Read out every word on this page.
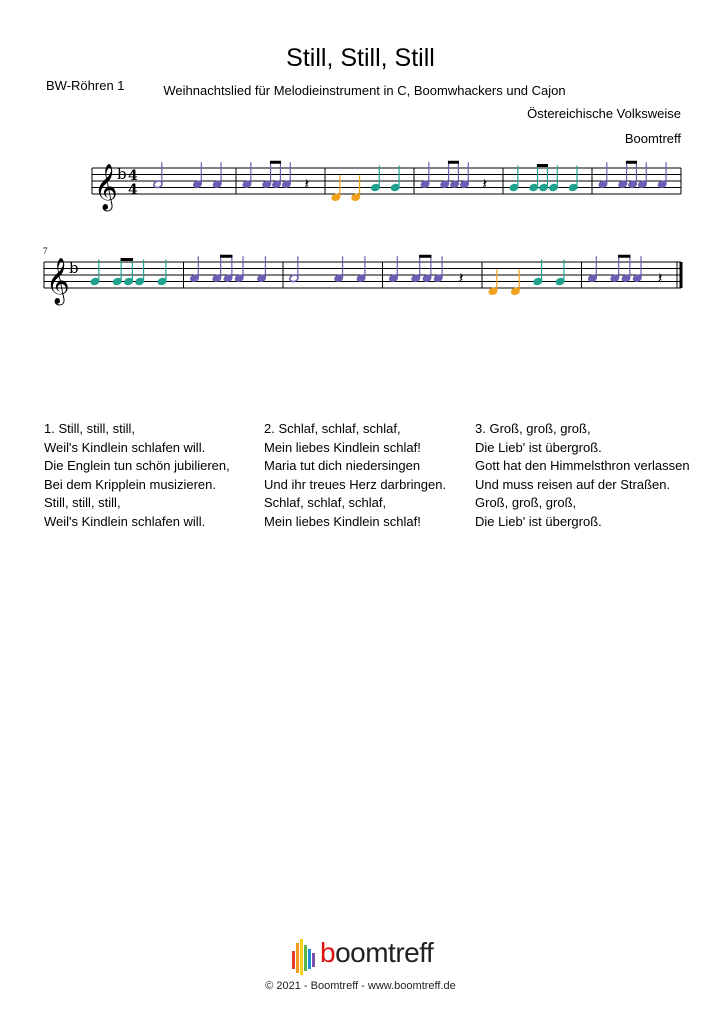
Still, Still, Still
BW-Röhren 1	Weihnachtslied für Melodieinstrument in C, Boomwhackers und Cajon
Östereichische Volksweise
Boomtreff
𝄞 b 4
4	𝄽	𝄽
𝄞 b
7
𝄽	𝄽
1. Still, still, still,
Weil's Kindlein schlafen will.
Die Englein tun schön jubilieren,
Bei dem Kripplein musizieren.
Still, still, still,
Weil's Kindlein schlafen will.
2. Schlaf, schlaf, schlaf,
Mein liebes Kindlein schlaf!
Maria tut dich niedersingen
Und ihr treues Herz darbringen.
Schlaf, schlaf, schlaf,
Mein liebes Kindlein schlaf!
3. Groß, groß, groß,
Die Lieb' ist übergroß.
Gott hat den Himmelsthron verlassen
Und muss reisen auf der Straßen.
Groß, groß, groß,
Die Lieb' ist übergroß.
boomtreff
© 2021 - Boomtreff - www.boomtreff.de
